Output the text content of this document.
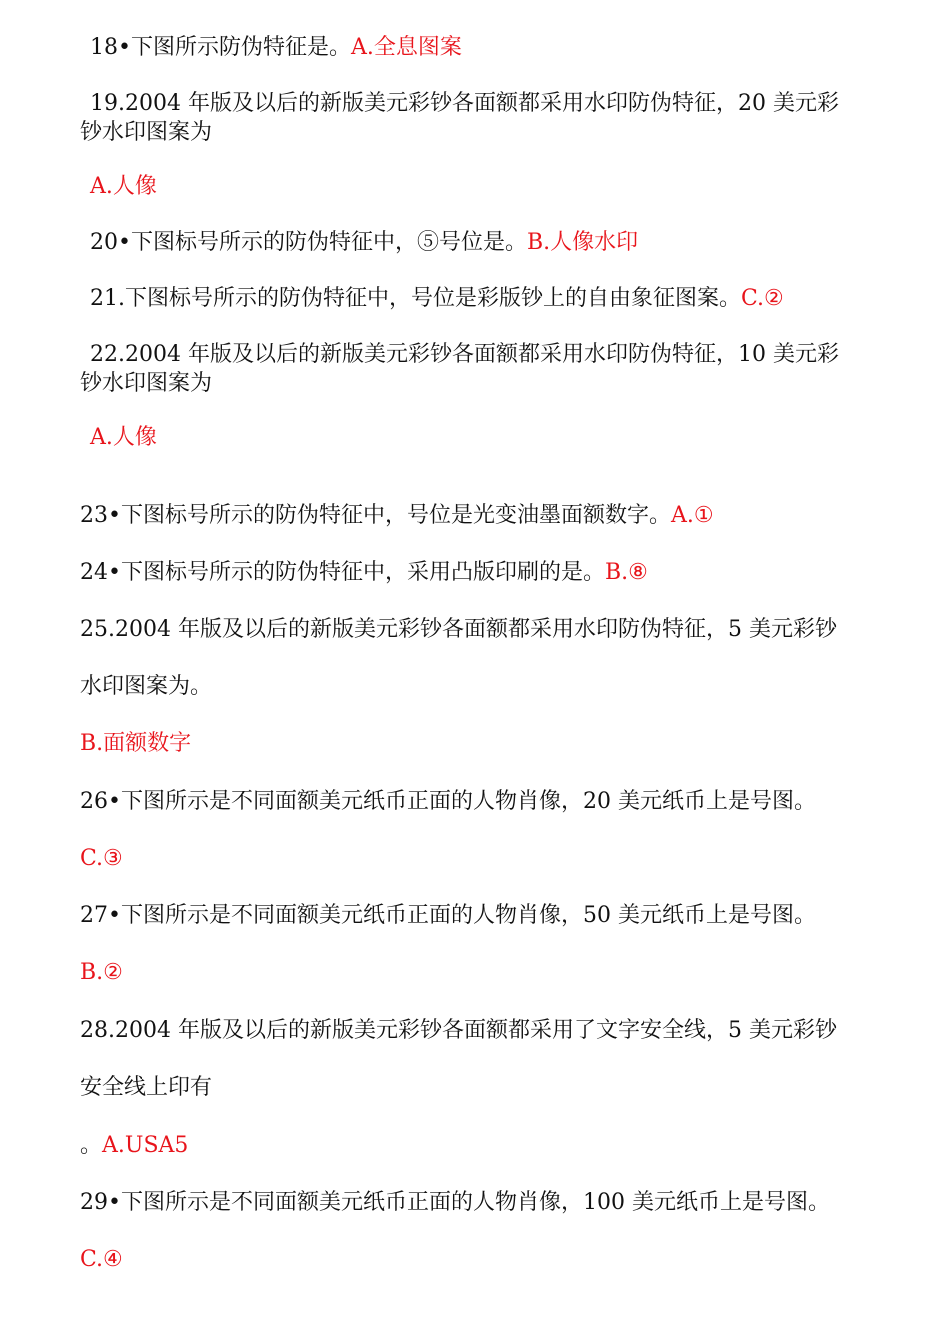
18•下图所示防伪特征是。A.全息图案
19.2004 年版及以后的新版美元彩钞各面额都采用水印防伪特征，20 美元彩
钞水印图案为
A.人像
20•下图标号所示的防伪特征中，⑤号位是。B.人像水印
21.下图标号所示的防伪特征中，号位是彩版钞上的自由象征图案。C.②
22.2004 年版及以后的新版美元彩钞各面额都采用水印防伪特征，10 美元彩
钞水印图案为
A.人像
23•下图标号所示的防伪特征中，号位是光变油墨面额数字。A.①
24•下图标号所示的防伪特征中，采用凸版印刷的是。B.⑧
25.2004 年版及以后的新版美元彩钞各面额都采用水印防伪特征，5 美元彩钞
水印图案为。
B.面额数字
26•下图所示是不同面额美元纸币正面的人物肖像，20 美元纸币上是号图。
C.③
27•下图所示是不同面额美元纸币正面的人物肖像，50 美元纸币上是号图。
B.②
28.2004 年版及以后的新版美元彩钞各面额都采用了文字安全线，5 美元彩钞
安全线上印有
。A.USA5
29•下图所示是不同面额美元纸币正面的人物肖像，100 美元纸币上是号图。
C.④
